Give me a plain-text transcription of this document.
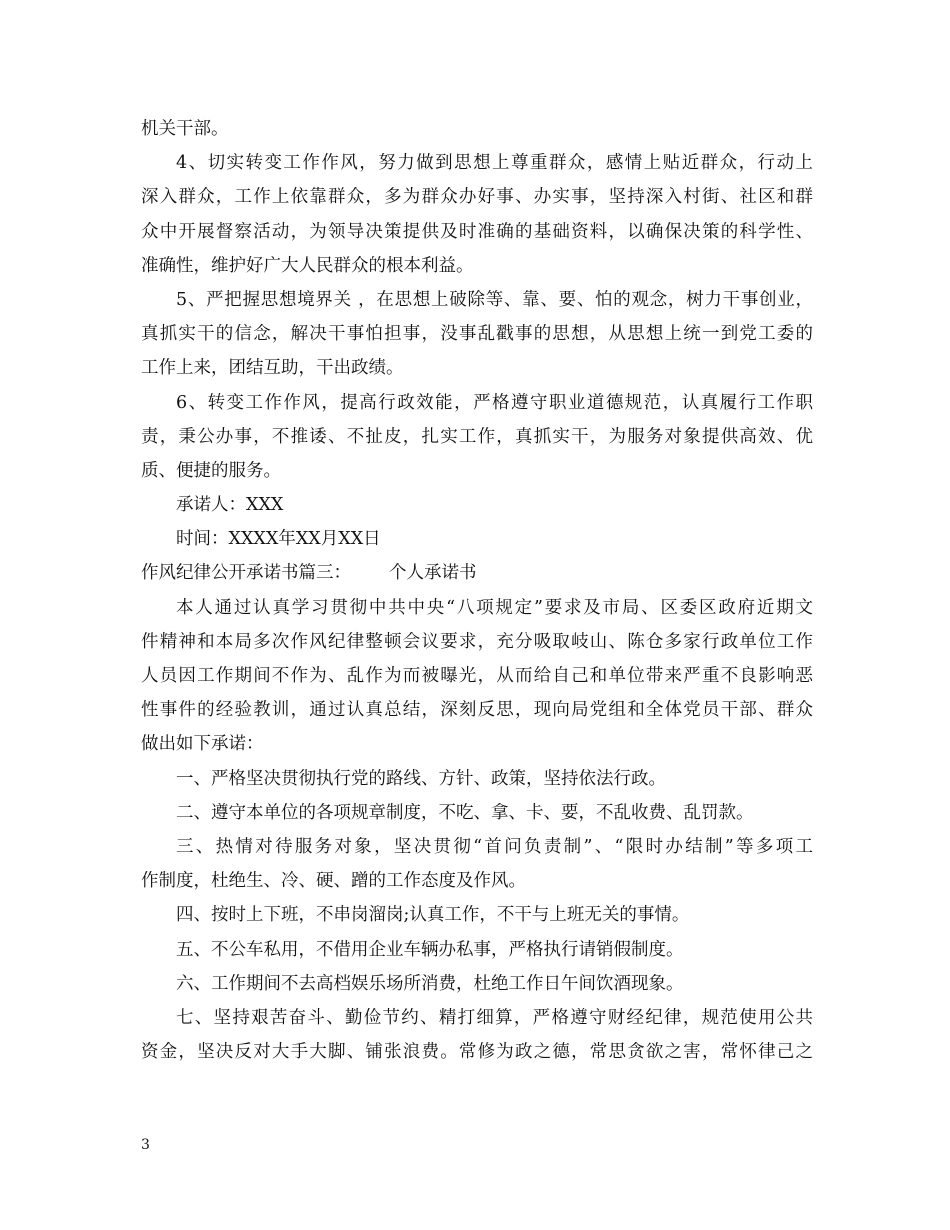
机关干部。
4、切实转变工作作风，努力做到思想上尊重群众，感情上贴近群众，行动上
深入群众，工作上依靠群众，多为群众办好事、办实事，坚持深入村街、社区和群
众中开展督察活动，为领导决策提供及时准确的基础资料，以确保决策的科学性、
准确性，维护好广大人民群众的根本利益。
5、严把握思想境界关 ，在思想上破除等、靠、要、怕的观念，树力干事创业，
真抓实干的信念，解决干事怕担事，没事乱戳事的思想，从思想上统一到党工委的
工作上来，团结互助，干出政绩。
6、转变工作作风，提高行政效能，严格遵守职业道德规范，认真履行工作职
责，秉公办事，不推诿、不扯皮，扎实工作，真抓实干，为服务对象提供高效、优
质、便捷的服务。
承诺人：XXX
时间：XXXX年XX月XX日
作风纪律公开承诺书篇三： 个人承诺书
本人通过认真学习贯彻中共中央“八项规定”要求及市局、区委区政府近期文
件精神和本局多次作风纪律整顿会议要求，充分吸取岐山、陈仓多家行政单位工作
人员因工作期间不作为、乱作为而被曝光，从而给自己和单位带来严重不良影响恶
性事件的经验教训，通过认真总结，深刻反思，现向局党组和全体党员干部、群众
做出如下承诺：
一、严格坚决贯彻执行党的路线、方针、政策，坚持依法行政。
二、遵守本单位的各项规章制度，不吃、拿、卡、要，不乱收费、乱罚款。
三、热情对待服务对象，坚决贯彻“首问负责制”、“限时办结制”等多项工
作制度，杜绝生、冷、硬、蹭的工作态度及作风。
四、按时上下班，不串岗溜岗;认真工作，不干与上班无关的事情。
五、不公车私用，不借用企业车辆办私事，严格执行请销假制度。
六、工作期间不去高档娱乐场所消费，杜绝工作日午间饮酒现象。
七、坚持艰苦奋斗、勤俭节约、精打细算，严格遵守财经纪律，规范使用公共
资金，坚决反对大手大脚、铺张浪费。常修为政之德，常思贪欲之害，常怀律己之
3
